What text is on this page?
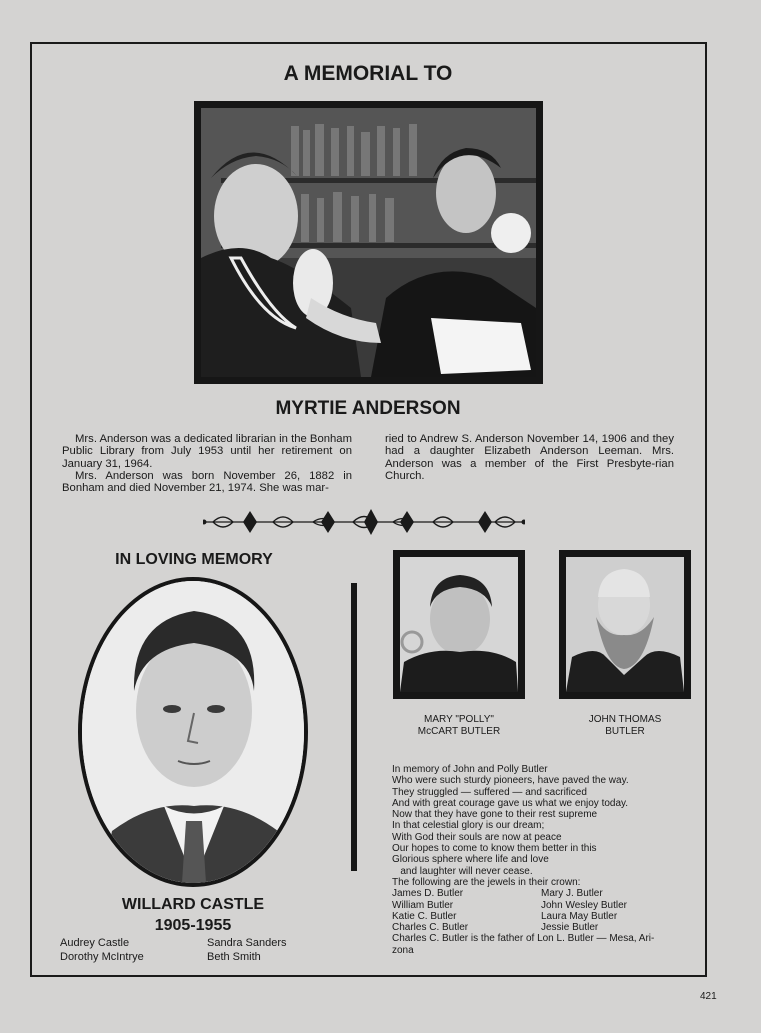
A MEMORIAL TO
MYRTIE ANDERSON

Mrs. Anderson was a dedicated librarian in the Bonham Public Library from July 1953 until her retirement on January 31, 1964.

Mrs. Anderson was born November 26, 1882 in Bonham and died November 21, 1974. She was mar-

ried to Andrew S. Anderson November 14, 1906 and they had a daughter Elizabeth Anderson Leeman. Mrs. Anderson was a member of the First Presbyte-rian Church.

IN LOVING MEMORY
WILLARD CASTLE
1905-1955
Audrey Castle	Sandra Sanders
Dorothy McIntrye	Beth Smith
MARY "POLLY"
McCART BUTLER
JOHN THOMAS
BUTLER
In memory of John and Polly Butler
Who were such sturdy pioneers, have paved the way.
They struggled — suffered — and sacrificed
And with great courage gave us what we enjoy today.
Now that they have gone to their rest supreme
In that celestial glory is our dream;
With God their souls are now at peace
Our hopes to come to know them better in this
Glorious sphere where life and love
and laughter will never cease.
The following are the jewels in their crown:
James D. Butler	Mary J. Butler
William Butler	John Wesley Butler
Katie C. Butler	Laura May Butler
Charles C. Butler	Jessie Butler
Charles C. Butler is the father of Lon L. Butler — Mesa, Ari-
zona
421
